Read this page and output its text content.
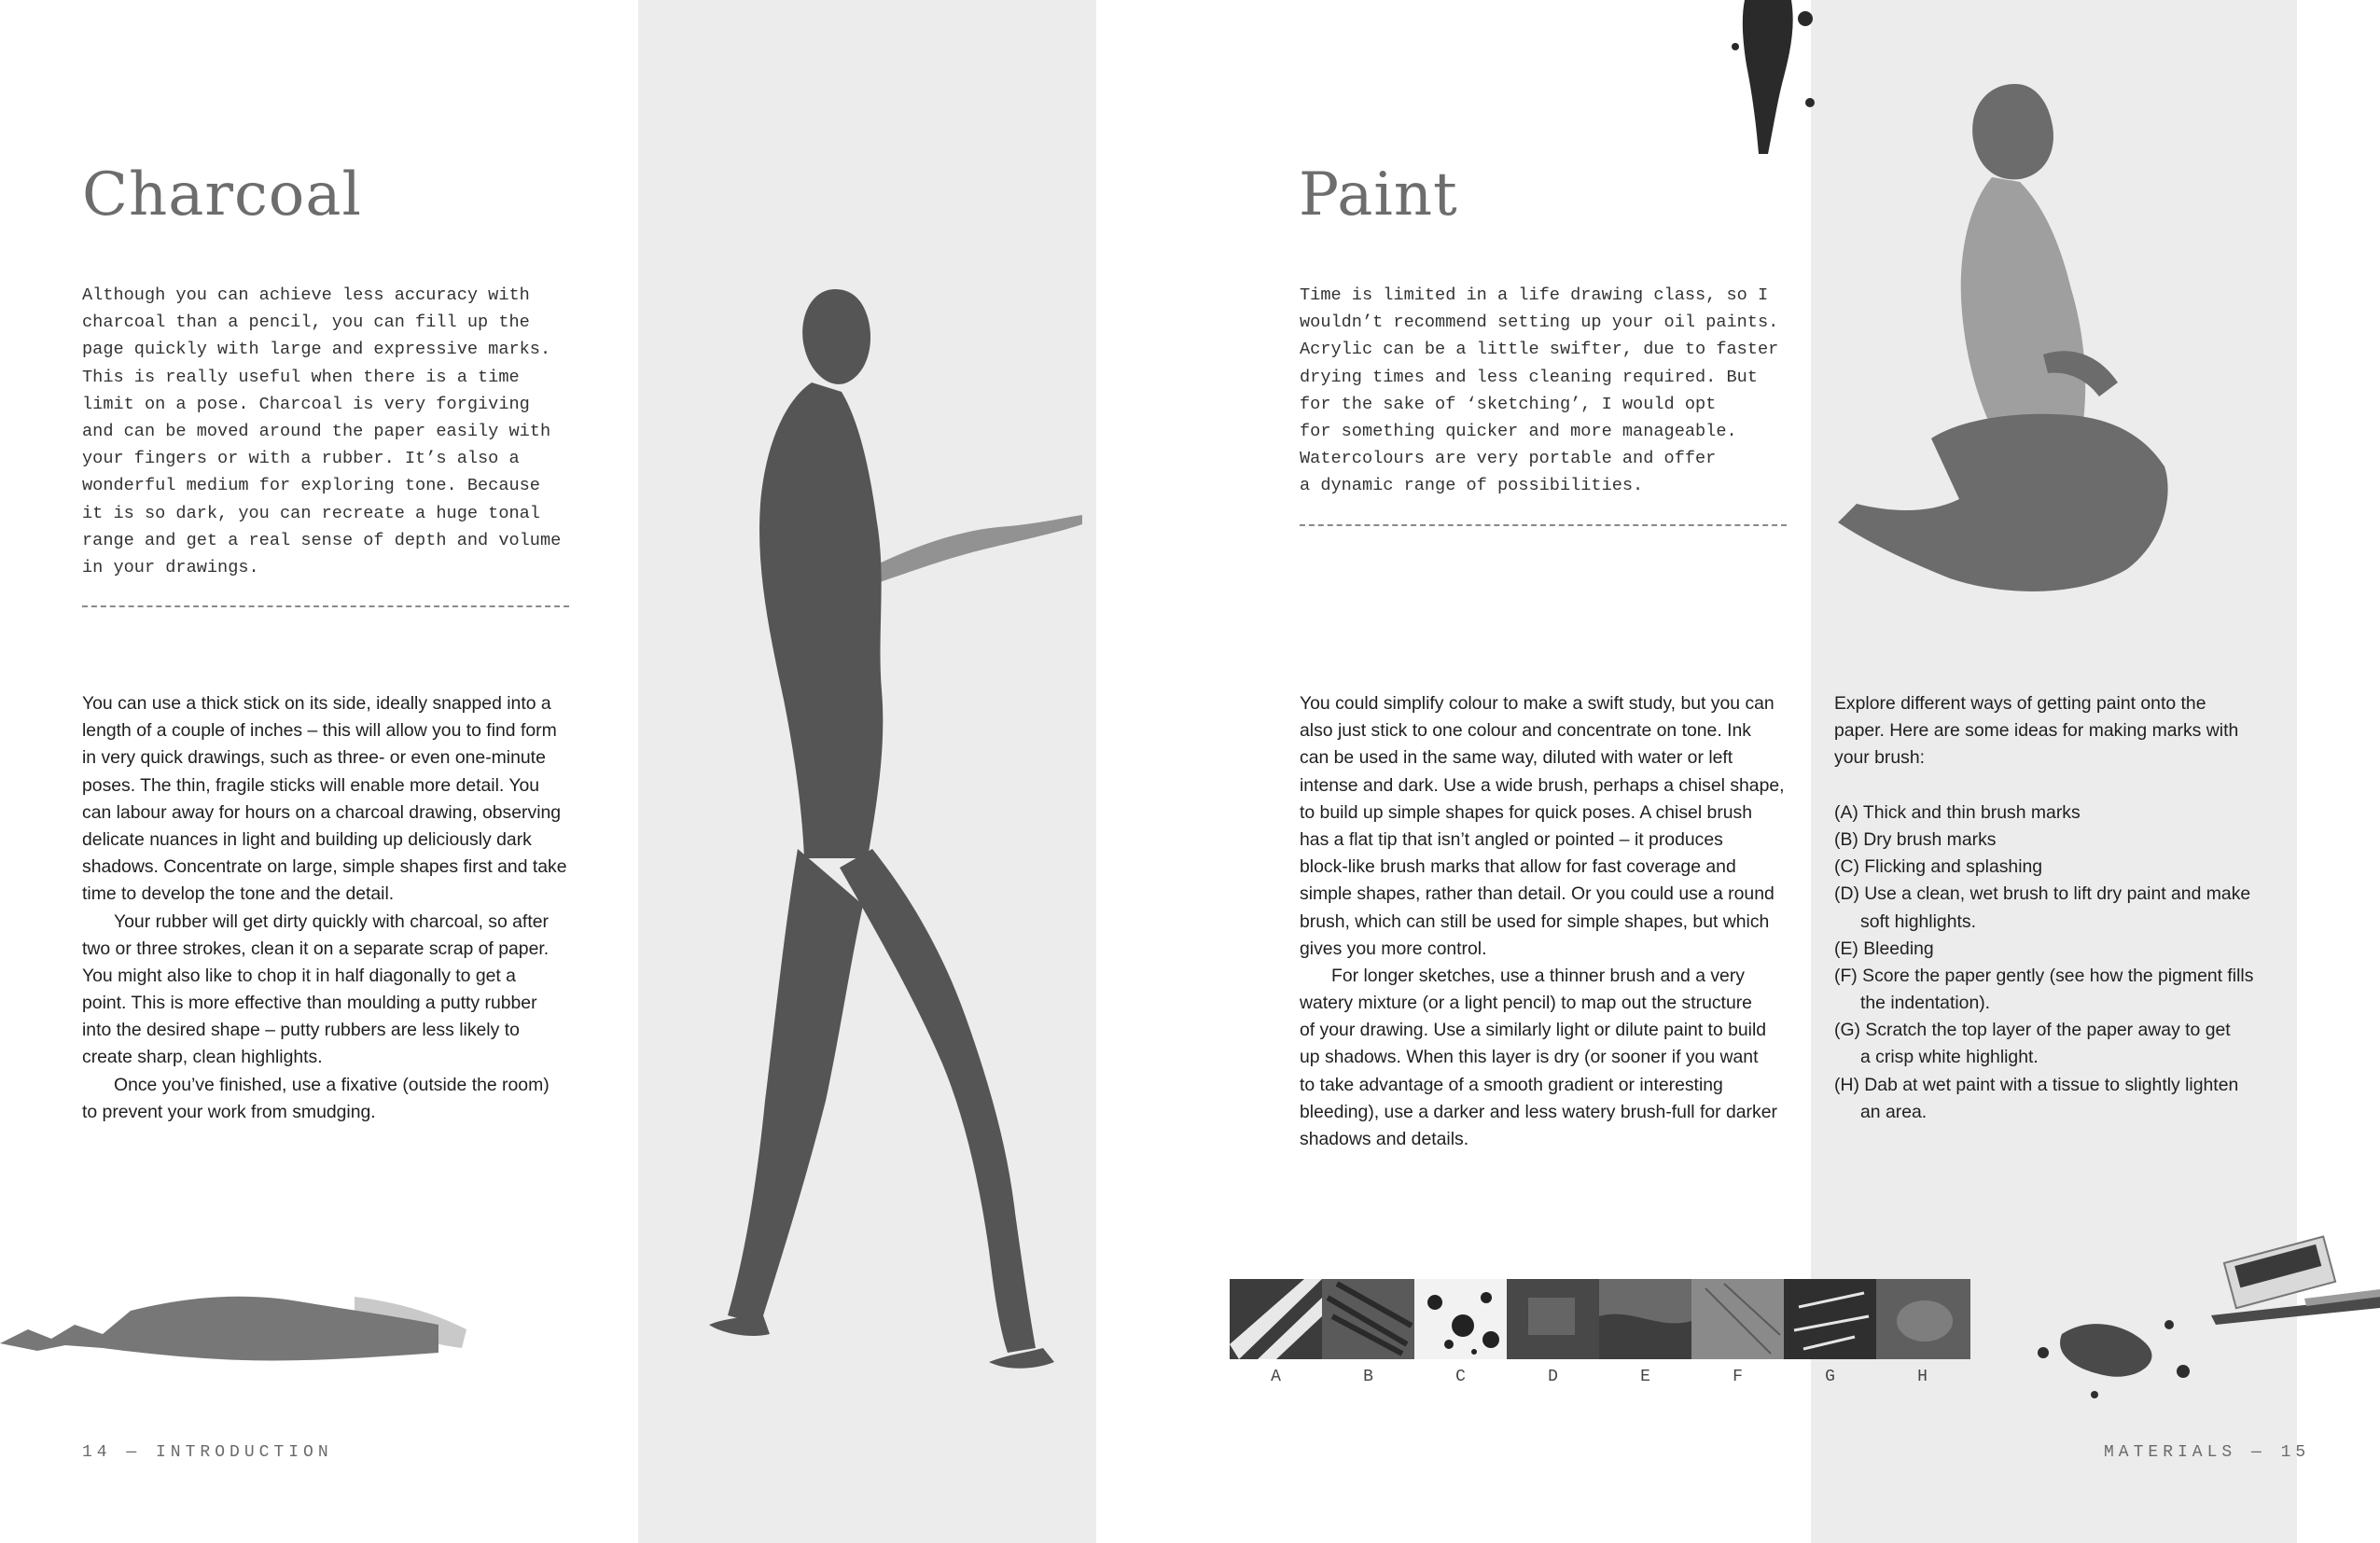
Charcoal
Although you can achieve less accuracy with
charcoal than a pencil, you can fill up the
page quickly with large and expressive marks.
This is really useful when there is a time
limit on a pose. Charcoal is very forgiving
and can be moved around the paper easily with
your fingers or with a rubber. It’s also a
wonderful medium for exploring tone. Because
it is so dark, you can recreate a huge tonal
range and get a real sense of depth and volume
in your drawings.
You can use a thick stick on its side, ideally snapped into a
length of a couple of inches – this will allow you to find form
in very quick drawings, such as three- or even one-minute
poses. The thin, fragile sticks will enable more detail. You
can labour away for hours on a charcoal drawing, observing
delicate nuances in light and building up deliciously dark
shadows. Concentrate on large, simple shapes first and take
time to develop the tone and the detail.
Your rubber will get dirty quickly with charcoal, so after
two or three strokes, clean it on a separate scrap of paper.
You might also like to chop it in half diagonally to get a
point. This is more effective than moulding a putty rubber
into the desired shape – putty rubbers are less likely to
create sharp, clean highlights.
Once you’ve finished, use a fixative (outside the room)
to prevent your work from smudging.
14 — INTRODUCTION
Paint
Time is limited in a life drawing class, so I
wouldn’t recommend setting up your oil paints.
Acrylic can be a little swifter, due to faster
drying times and less cleaning required. But
for the sake of ‘sketching’, I would opt
for something quicker and more manageable.
Watercolours are very portable and offer
a dynamic range of possibilities.
You could simplify colour to make a swift study, but you can
also just stick to one colour and concentrate on tone. Ink
can be used in the same way, diluted with water or left
intense and dark. Use a wide brush, perhaps a chisel shape,
to build up simple shapes for quick poses. A chisel brush
has a flat tip that isn’t angled or pointed – it produces
block-like brush marks that allow for fast coverage and
simple shapes, rather than detail. Or you could use a round
brush, which can still be used for simple shapes, but which
gives you more control.
For longer sketches, use a thinner brush and a very
watery mixture (or a light pencil) to map out the structure
of your drawing. Use a similarly light or dilute paint to build
up shadows. When this layer is dry (or sooner if you want
to take advantage of a smooth gradient or interesting
bleeding), use a darker and less watery brush-full for darker
shadows and details.
Explore different ways of getting paint onto the
paper. Here are some ideas for making marks with
your brush:
(A) Thick and thin brush marks
(B) Dry brush marks
(C) Flicking and splashing
(D) Use a clean, wet brush to lift dry paint and make
soft highlights.
(E) Bleeding
(F) Score the paper gently (see how the pigment fills
the indentation).
(G) Scratch the top layer of the paper away to get
a crisp white highlight.
(H) Dab at wet paint with a tissue to slightly lighten
an area.
A	B	C	D	E	F	G	H
MATERIALS — 15
